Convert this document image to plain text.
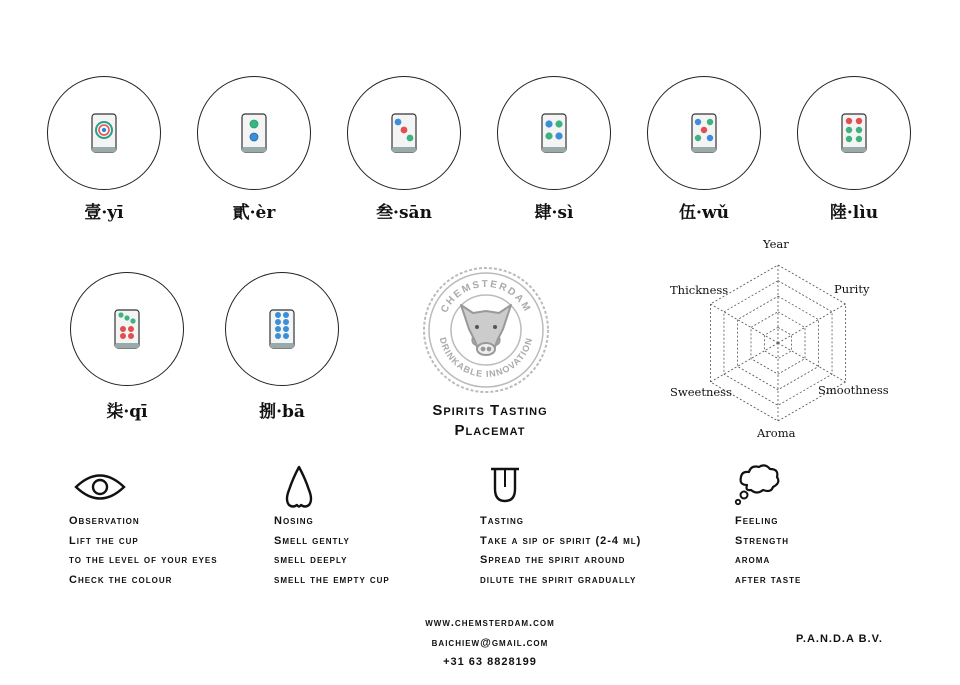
壹·yī	貳·èr	叁·sān	肆·sì	伍·wǔ	陸·lìu
柒·qī	捌·bā
CHEMSTERDAM
DRINKABLE INNOVATION
Spirits Tasting
Placemat
Year
Purity
Smoothness
Aroma
Sweetness
Thickness
Observation
Lift the cup
to the level of your eyes
Check the colour
Nosing
Smell gently
smell deeply
smell the empty cup
Tasting
Take a sip of spirit (2-4 ml)
Spread the spirit around
dilute the spirit gradually
Feeling
Strength
aroma
after taste
www.chemsterdam.com
baichiew@gmail.com
+31 63 8828199
P.A.N.D.A B.V.
